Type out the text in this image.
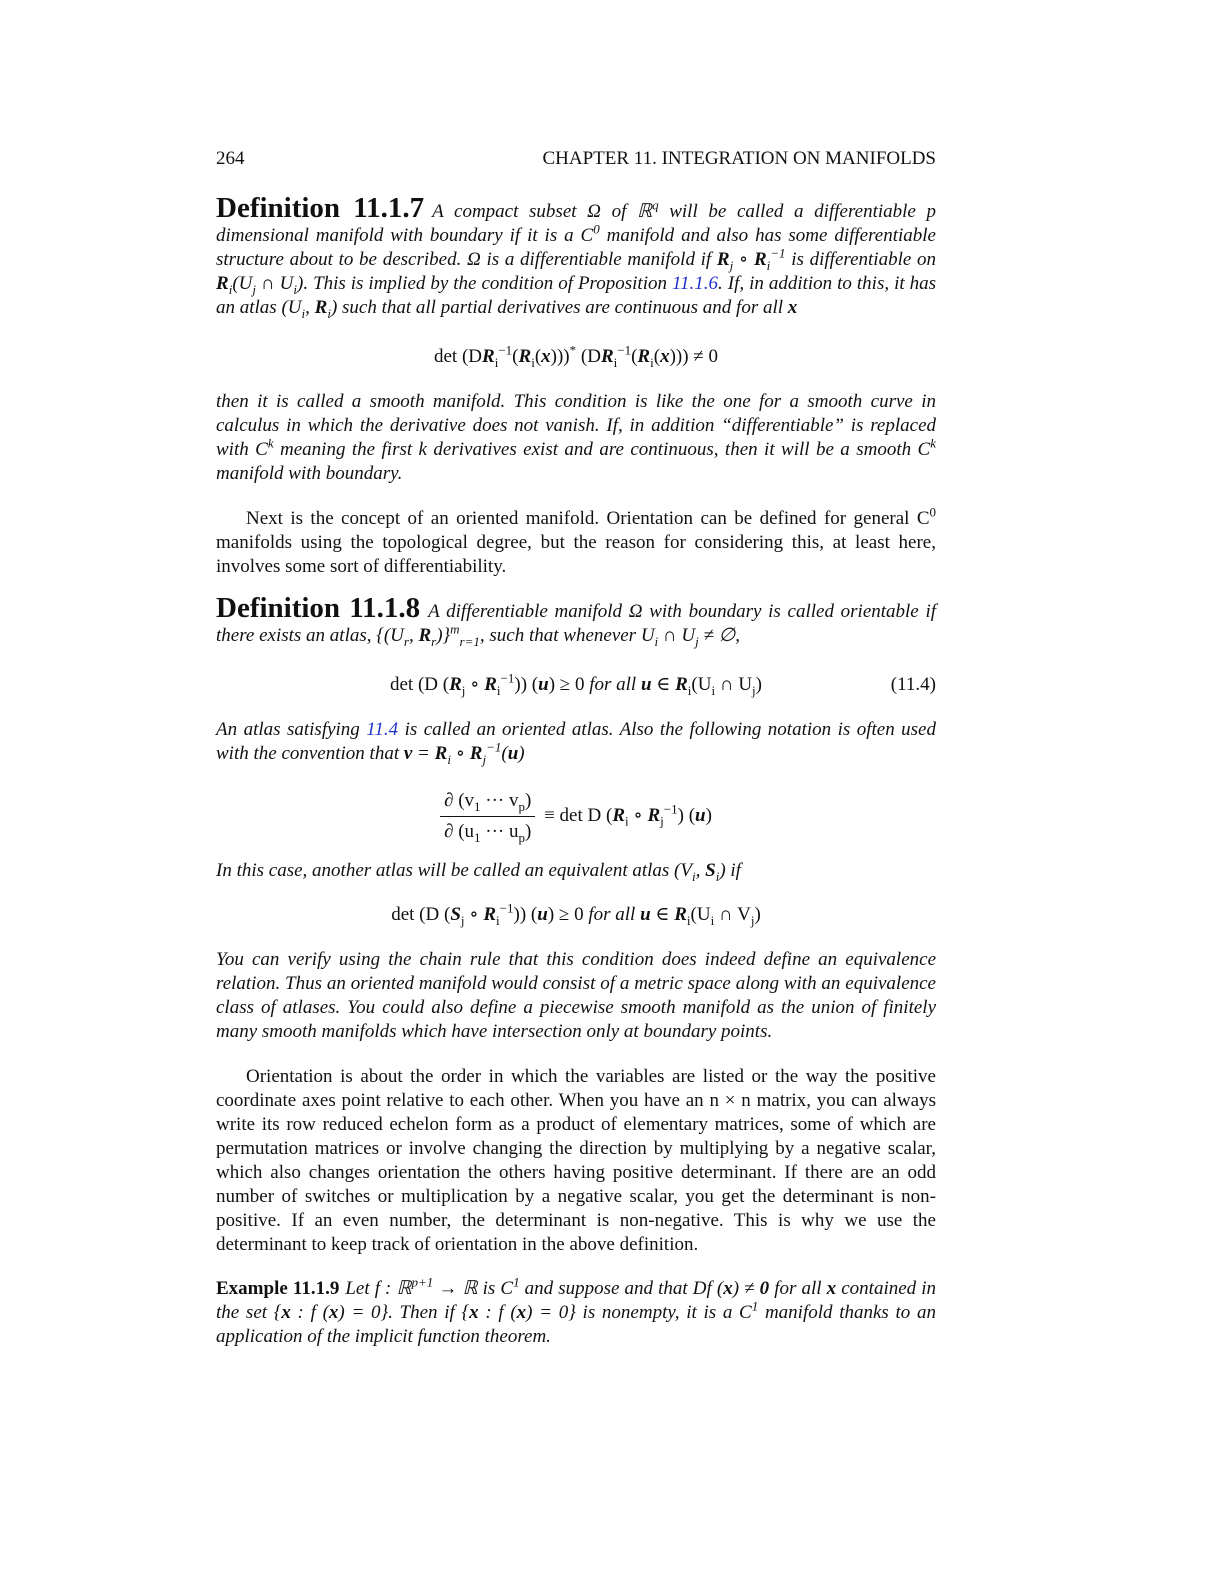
264	CHAPTER 11. INTEGRATION ON MANIFOLDS
Definition 11.1.7 A compact subset Ω of ℝ$^q$ will be called a differentiable p dimensional manifold with boundary if it is a $C^0$ manifold and also has some differentiable structure about to be described. Ω is a differentiable manifold if $R_j$ ∘ $R_i^{-1}$ is differentiable on $R_i(U_j$ ∩ $U_i$). This is implied by the condition of Proposition 11.1.6. If, in addition to this, it has an atlas ($U_i$, $R_i$) such that all partial derivatives are continuous and for all x
$\det (DR_i^{-1}(R_i(x)))^*$ $(DR_i^{-1}(R_i(x))) \ne 0$
then it is called a smooth manifold. This condition is like the one for a smooth curve in calculus in which the derivative does not vanish. If, in addition “differentiable” is replaced with $C^k$ meaning the first k derivatives exist and are continuous, then it will be a smooth $C^k$ manifold with boundary.
Next is the concept of an oriented manifold. Orientation can be defined for general $C^0$ manifolds using the topological degree, but the reason for considering this, at least here, involves some sort of differentiability.
Definition 11.1.8 A differentiable manifold Ω with boundary is called orientable if there exists an atlas, {($U_r$, $R_r)\}^m_{r=1}$, such that whenever $U_i$ ∩ $U_j$ ≠ ∅,
det (D ($R_j$ ∘ $R_i^{-1}$)) (u) ≥ 0 for all u ∈ $R_i(U_i$ ∩ $U_j$)	(11.4)
An atlas satisfying 11.4 is called an oriented atlas. Also the following notation is often used with the convention that $v = R_i$ ∘ $R_j^{-1}(u)$
$\frac{\partial (v_1 \cdot\cdot\cdot v_p)}{\partial (u_1 \cdot\cdot\cdot u_p)} \equiv \det D$ ($R_i$ ∘ $R_j^{-1}$) (u)
In this case, another atlas will be called an equivalent atlas ($V_i$, $S_i$) if
det (D ($S_j$ ∘ $R_i^{-1}$)) (u) ≥ 0 for all u ∈ $R_i(U_i$ ∩ $V_j$)
You can verify using the chain rule that this condition does indeed define an equivalence relation. Thus an oriented manifold would consist of a metric space along with an equivalence class of atlases. You could also define a piecewise smooth manifold as the union of finitely many smooth manifolds which have intersection only at boundary points.
Orientation is about the order in which the variables are listed or the way the positive coordinate axes point relative to each other. When you have an n × n matrix, you can always write its row reduced echelon form as a product of elementary matrices, some of which are permutation matrices or involve changing the direction by multiplying by a negative scalar, which also changes orientation the others having positive determinant. If there are an odd number of switches or multiplication by a negative scalar, you get the determinant is non-positive. If an even number, the determinant is non-negative. This is why we use the determinant to keep track of orientation in the above definition.
Example 11.1.9 Let f : ℝ$^{p+1}$ → ℝ is $C^1$ and suppose and that Df (x) ≠ 0 for all x contained in the set {x : f (x) = 0}. Then if {x : f (x) = 0} is nonempty, it is a $C^1$ manifold thanks to an application of the implicit function theorem.
